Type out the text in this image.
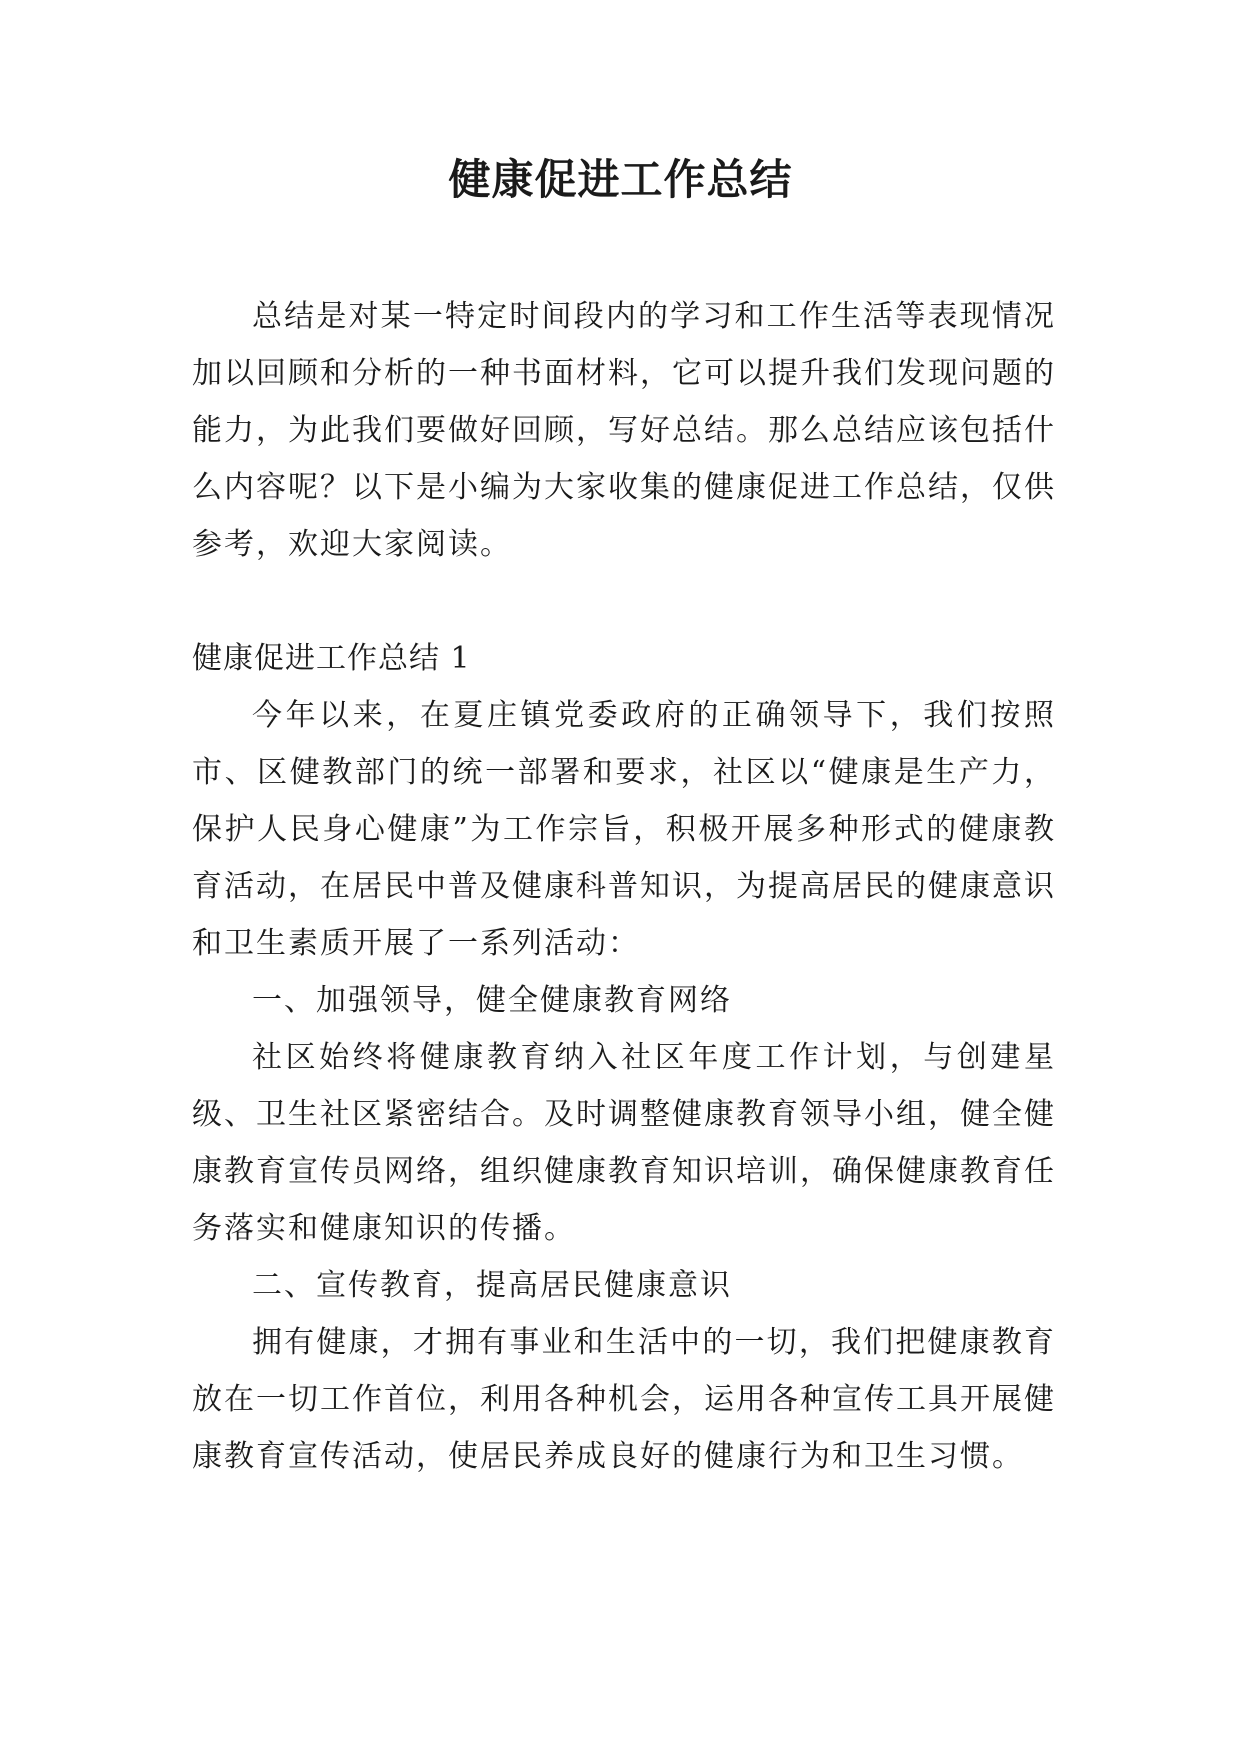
健康促进工作总结

总结是对某一特定时间段内的学习和工作生活等表现情况加以回顾和分析的一种书面材料，它可以提升我们发现问题的能力，为此我们要做好回顾，写好总结。那么总结应该包括什么内容呢？以下是小编为大家收集的健康促进工作总结，仅供参考，欢迎大家阅读。

健康促进工作总结 1

今年以来，在夏庄镇党委政府的正确领导下，我们按照市、区健教部门的统一部署和要求，社区以“健康是生产力，保护人民身心健康”为工作宗旨，积极开展多种形式的健康教育活动，在居民中普及健康科普知识，为提高居民的健康意识和卫生素质开展了一系列活动：

一、加强领导，健全健康教育网络

社区始终将健康教育纳入社区年度工作计划，与创建星级、卫生社区紧密结合。及时调整健康教育领导小组，健全健康教育宣传员网络，组织健康教育知识培训，确保健康教育任务落实和健康知识的传播。

二、宣传教育，提高居民健康意识

拥有健康，才拥有事业和生活中的一切，我们把健康教育放在一切工作首位，利用各种机会，运用各种宣传工具开展健康教育宣传活动，使居民养成良好的健康行为和卫生习惯。
